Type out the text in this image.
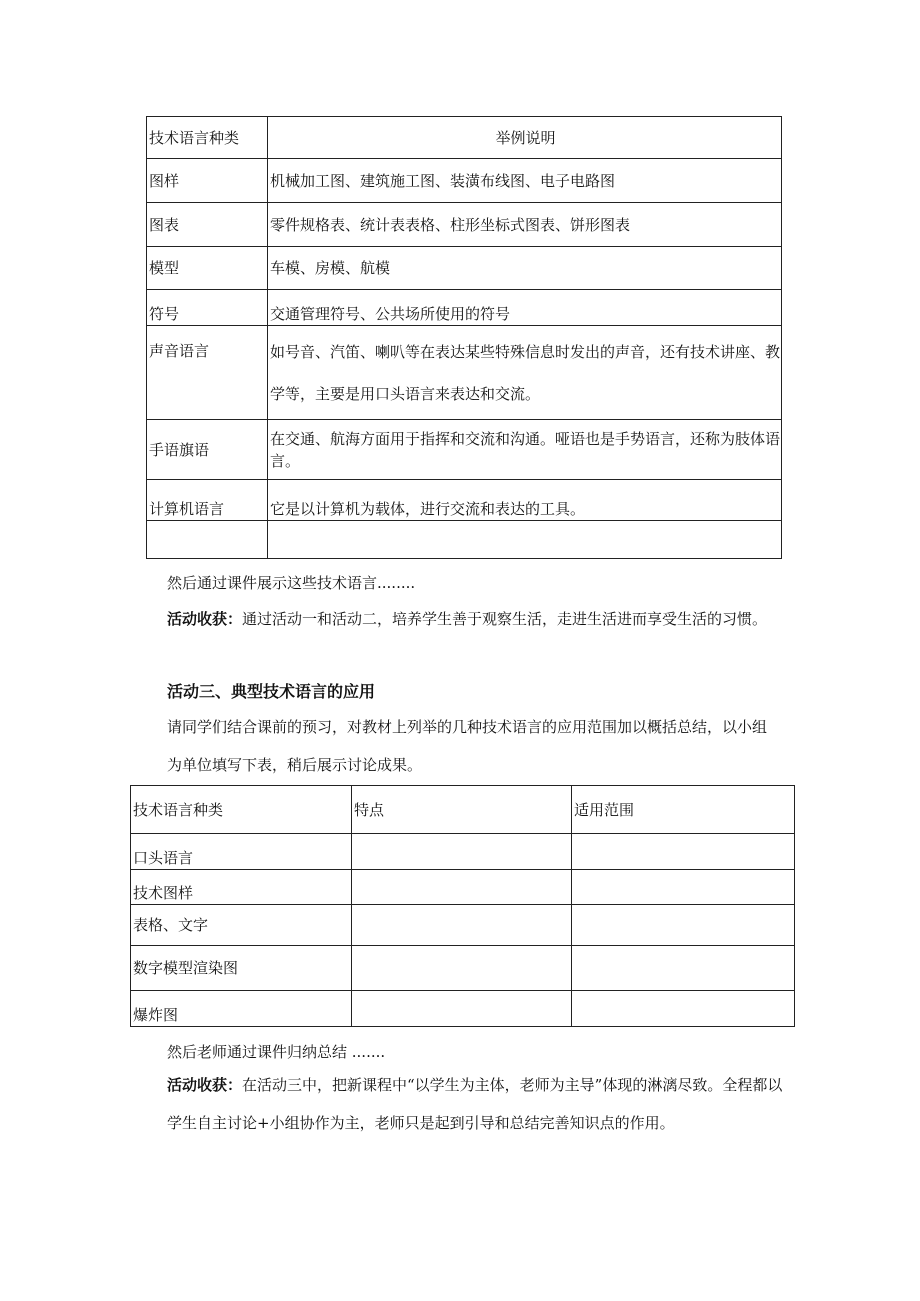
技术语言种类	举例说明
图样	机械加工图、建筑施工图、装潢布线图、电子电路图
图表	零件规格表、统计表表格、柱形坐标式图表、饼形图表
模型	车模、房模、航模
符号	交通管理符号、公共场所使用的符号
声音语言	如号音、汽笛、喇叭等在表达某些特殊信息时发出的声音，还有技术讲座、教学等，主要是用口头语言来表达和交流。
手语旗语	在交通、航海方面用于指挥和交流和沟通。哑语也是手势语言，还称为肢体语言。
计算机语言	它是以计算机为载体，进行交流和表达的工具。

然后通过课件展示这些技术语言........

活动收获：通过活动一和活动二，培养学生善于观察生活，走进生活进而享受生活的习惯。

活动三、典型技术语言的应用

请同学们结合课前的预习，对教材上列举的几种技术语言的应用范围加以概括总结，以小组为单位填写下表，稍后展示讨论成果。

技术语言种类	特点	适用范围
口头语言		
技术图样		
表格、文字		
数字模型渲染图		
爆炸图		

然后老师通过课件归纳总结 .......

活动收获：在活动三中，把新课程中“以学生为主体，老师为主导”体现的淋漓尽致。全程都以学生自主讨论+小组协作为主，老师只是起到引导和总结完善知识点的作用。
